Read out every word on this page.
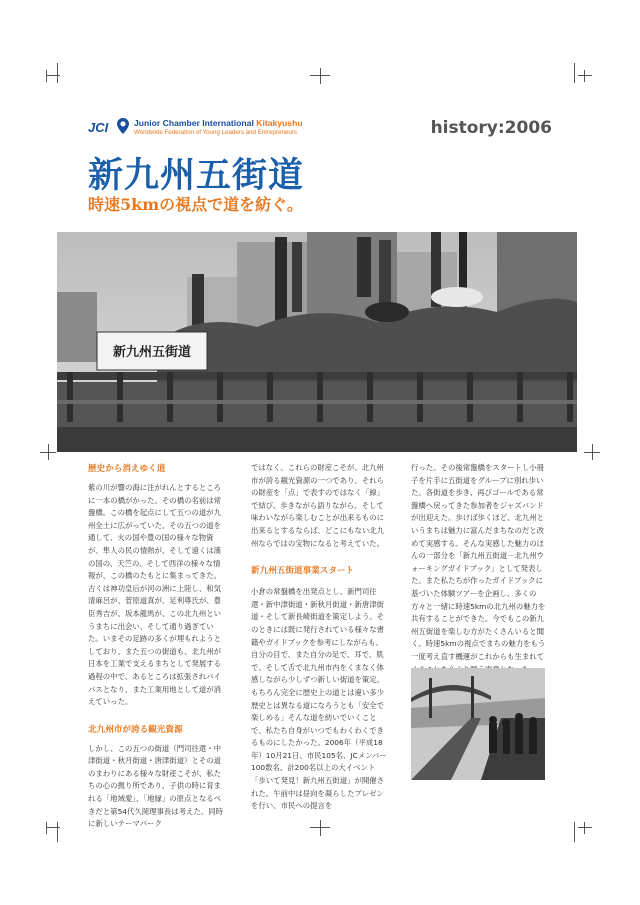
JCI	Junior Chamber International Kitakyushu
Worldwide Federation of Young Leaders and Entrepreneurs	history:2006
新九州五街道
時速5kmの視点で道を紡ぐ。
新九州五街道
歴史から消えゆく道

紫の川が響の海に注がれんとするところに一本の橋がかった。その橋の名前は常盤橋。この橋を起点にして五つの道が九州全土に広がっていた。その五つの道を通して、火の国や豊の国の様々な物資が、隼人の民の情熱が、そして遠くは漢の国の、天竺の、そして西洋の様々な情報が、この橋のたもとに集まってきた。古くは神功皇后が河の洲に上陸し、和気清麻呂が、菅原道真が、足利尊氏が、豊臣秀吉が、坂本龍馬が、この北九州というまちに出会い、そして通り過ぎていた。いまその足跡の多くが埋もれようとしており、また五つの街道も、北九州が日本を工業で支えるまちとして発展する過程の中で、あるところは拡張されバイパスとなり、また工業用地として道が消えていった。

北九州市が誇る観光資源

しかし、この五つの街道（門司往還・中津街道・秋月街道・唐津街道）とその道のまわりにある様々な財産こそが、私たちの心の拠り所であり、子供の時に育まれる「地域愛」、「地縁」の原点となるべきだと第54代久岡理事長は考えた。同時に新しいテーマパーク

ではなく、これらの財産こそが、北九州市が誇る観光資源の一つであり、それらの財産を「点」で表すのではなく「線」で結び、歩きながら語りながら、そして味わいながら楽しむことが出来るものに出来るとするならば、どこにもない北九州ならではの宝物になると考えていた。

新九州五街道事業スタート

小倉の常盤橋を出発点とし、新門司往還・新中津街道・新秋月街道・新唐津街道・そして新長崎街道を策定しよう。そのときには既に発行されている様々な書籍やガイドブックを参考にしながらも、自分の目で、また自分の足で、耳で、肌で、そして舌で北九州市内をくまなく体感しながら少しずつ新しい街道を策定。もちろん完全に歴史上の道とは違い多少歴史とは異なる道になろうとも「安全で楽しめる」そんな道を紡いでいくことで、私たち自身がいつでもわくわくできるものにしたかった。2006年（平成18年）10月21日、市民105名、JCメンバー100数名、計200名以上の大イベント「歩いて発見！新九州五街道」が開催された。午前中は昼向を凝らしたプレゼンを行い、市民への提言を

行った。その後常盤橋をスタートし小冊子を片手に五街道をグループに別れ歩いた。各街道を歩き、再びゴールである常盤橋へ戻ってきた参加者をジャズバンドが出迎えた。歩けば歩くほど、北九州というまちは魅力に富んだまちなのだと改めて実感する。そんな実感した魅力のほんの一部分を「新九州五街道－北九州ウォーキングガイドブック」として発表した。また私たちが作ったガイドブックに基づいた体験ツアーを企画し、多くの方々と一緒に時速5kmの北九州の魅力を共有することができた。今でもこの新九州五街道を楽しむ方がたくさんいると聞く。時速5kmの視点でまちの魅力をもう一度考え直す機運がこれからも生まれて
